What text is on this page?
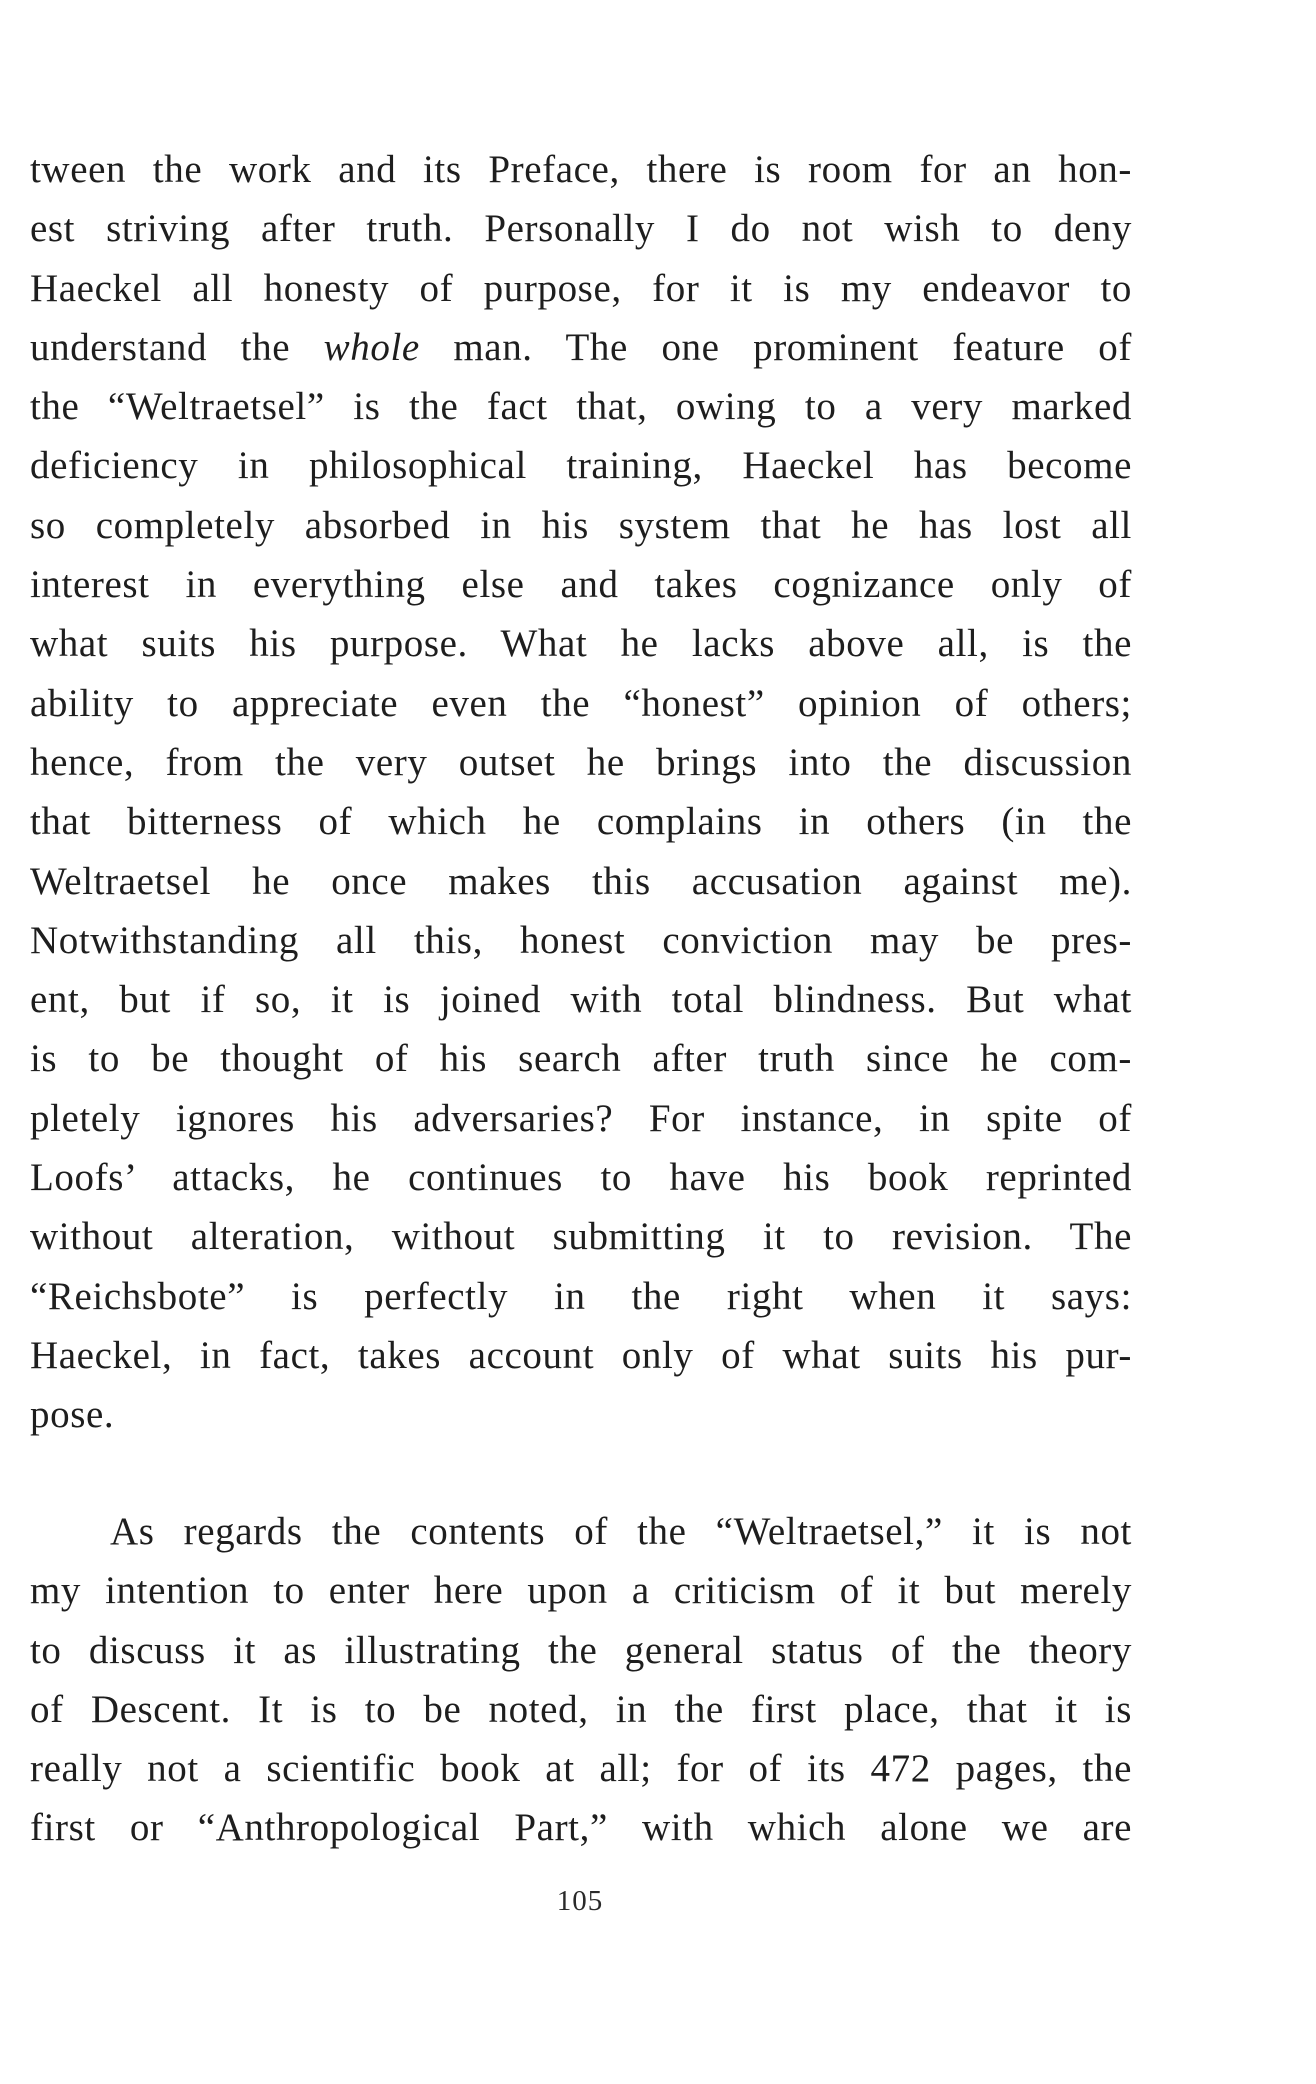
tween the work and its Preface, there is room for an hon-
est striving after truth. Personally I do not wish to deny
Haeckel all honesty of purpose, for it is my endeavor to
understand the whole man. The one prominent feature of
the “Weltraetsel” is the fact that, owing to a very marked
deficiency in philosophical training, Haeckel has become
so completely absorbed in his system that he has lost all
interest in everything else and takes cognizance only of
what suits his purpose. What he lacks above all, is the
ability to appreciate even the “honest” opinion of others;
hence, from the very outset he brings into the discussion
that bitterness of which he complains in others (in the
Weltraetsel he once makes this accusation against me).
Notwithstanding all this, honest conviction may be pres-
ent, but if so, it is joined with total blindness. But what
is to be thought of his search after truth since he com-
pletely ignores his adversaries? For instance, in spite of
Loofs’ attacks, he continues to have his book reprinted
without alteration, without submitting it to revision. The
“Reichsbote” is perfectly in the right when it says:
Haeckel, in fact, takes account only of what suits his pur-
pose.
As regards the contents of the “Weltraetsel,” it is not
my intention to enter here upon a criticism of it but merely
to discuss it as illustrating the general status of the theory
of Descent. It is to be noted, in the first place, that it is
really not a scientific book at all; for of its 472 pages, the
first or “Anthropological Part,” with which alone we are
105
